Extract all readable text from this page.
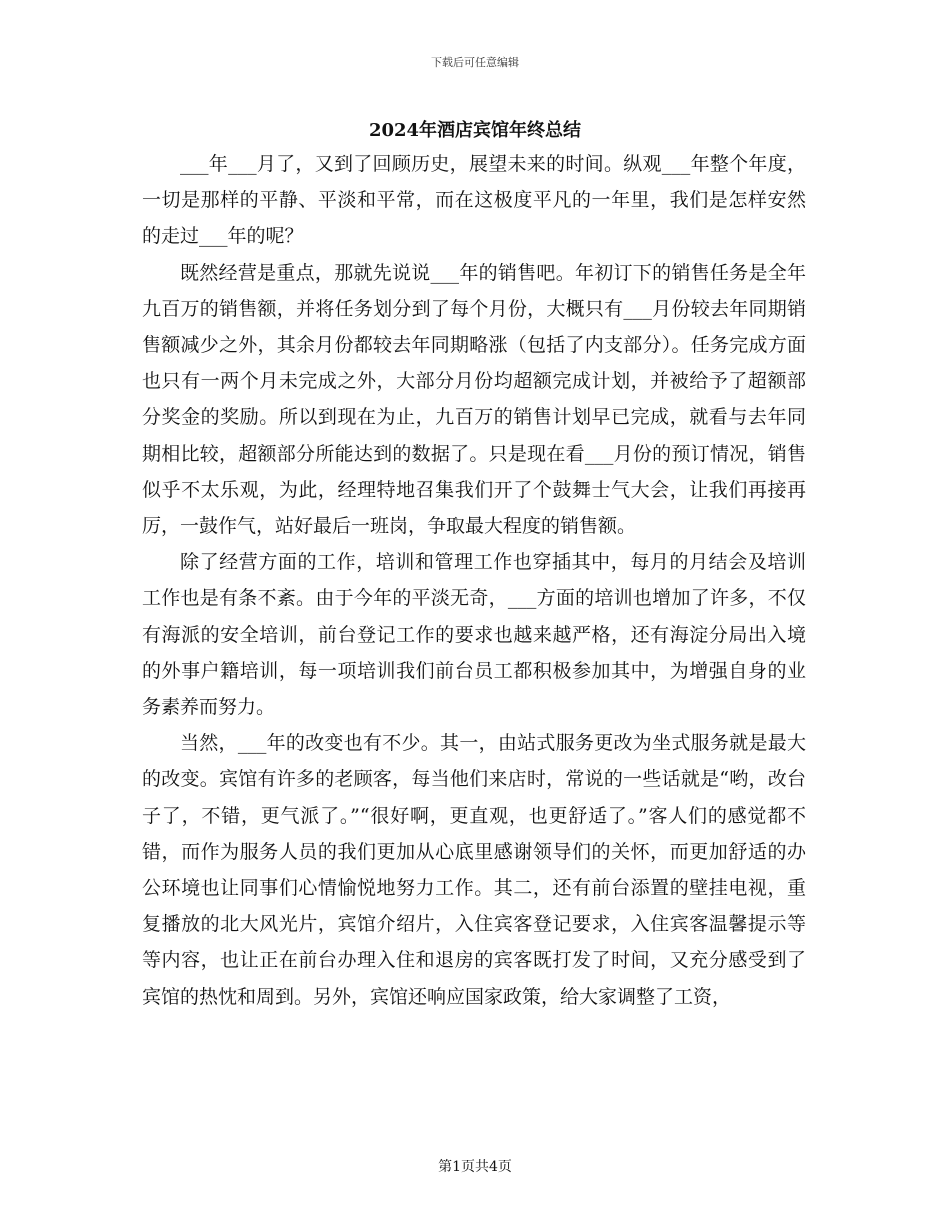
下载后可任意编辑
2024年酒店宾馆年终总结

___年___月了，又到了回顾历史，展望未来的时间。纵观___年整个年度，一切是那样的平静、平淡和平常，而在这极度平凡的一年里，我们是怎样安然的走过___年的呢？

既然经营是重点，那就先说说___年的销售吧。年初订下的销售任务是全年九百万的销售额，并将任务划分到了每个月份，大概只有___月份较去年同期销售额减少之外，其余月份都较去年同期略涨（包括了内支部分）。任务完成方面也只有一两个月未完成之外，大部分月份均超额完成计划，并被给予了超额部分奖金的奖励。所以到现在为止，九百万的销售计划早已完成，就看与去年同期相比较，超额部分所能达到的数据了。只是现在看___月份的预订情况，销售似乎不太乐观，为此，经理特地召集我们开了个鼓舞士气大会，让我们再接再厉，一鼓作气，站好最后一班岗，争取最大程度的销售额。

除了经营方面的工作，培训和管理工作也穿插其中，每月的月结会及培训工作也是有条不紊。由于今年的平淡无奇，___方面的培训也增加了许多，不仅有海派的安全培训，前台登记工作的要求也越来越严格，还有海淀分局出入境的外事户籍培训，每一项培训我们前台员工都积极参加其中，为增强自身的业务素养而努力。

当然，___年的改变也有不少。其一，由站式服务更改为坐式服务就是最大的改变。宾馆有许多的老顾客，每当他们来店时，常说的一些话就是“哟，改台子了，不错，更气派了。”“很好啊，更直观，也更舒适了。”客人们的感觉都不错，而作为服务人员的我们更加从心底里感谢领导们的关怀，而更加舒适的办公环境也让同事们心情愉悦地努力工作。其二，还有前台添置的壁挂电视，重复播放的北大风光片，宾馆介绍片，入住宾客登记要求，入住宾客温馨提示等等内容，也让正在前台办理入住和退房的宾客既打发了时间，又充分感受到了宾馆的热忱和周到。另外，宾馆还响应国家政策，给大家调整了工资，

第1页共4页
